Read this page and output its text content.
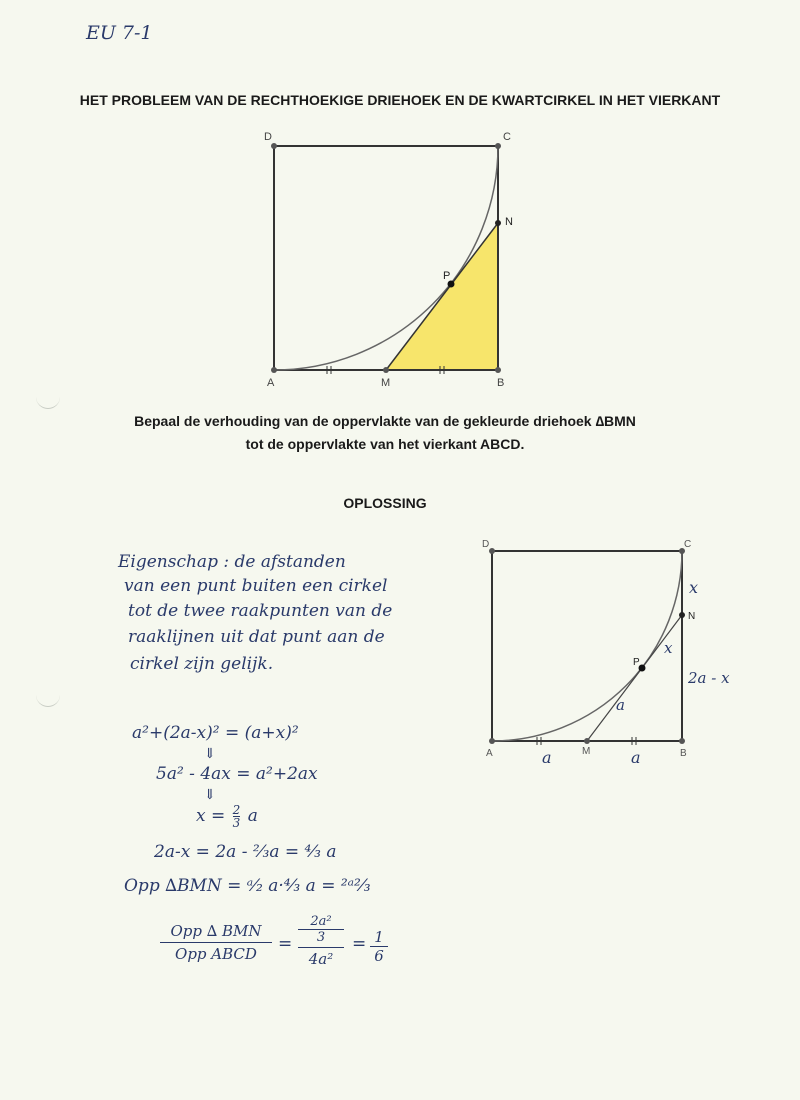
EU 7-1
HET PROBLEEM VAN DE RECHTHOEKIGE DRIEHOEK EN DE KWARTCIRKEL IN HET VIERKANT
A	B
C
D
M
N
P
Bepaal de verhouding van de oppervlakte van de gekleurde driehoek ∆BMN
tot de oppervlakte van het vierkant ABCD.
OPLOSSING
Eigenschap : de afstanden
van een punt buiten een cirkel
tot de twee raakpunten van de
raaklijnen uit dat punt aan de
cirkel zijn gelijk.
A	B
C
D
M
N
P
a	a
x
x
a
2a - x
a²+(2a-x)² = (a+x)²
⇓
5a² - 4ax = a²+2ax
⇓
$x = \frac{2}{3}$ a
2a-x = 2a - ⅔a = ⁴⁄₃ a
Opp ∆BMN = ᵃ⁄₂ a·⁴⁄₃ a = ²ᵃ²⁄₃
Opp ∆ BMN
Opp ABCD	=
2a²
3
4a²
= $\frac{1}{6}$
